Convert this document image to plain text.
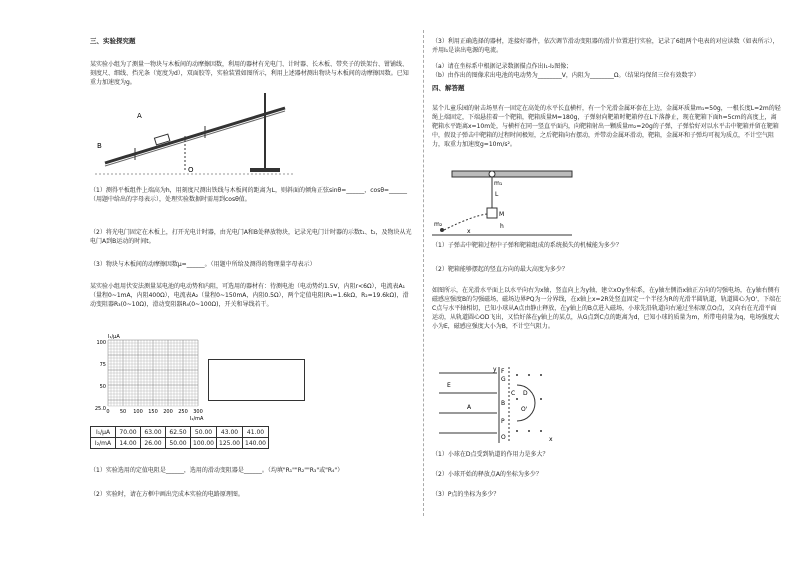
三、实验探究题
某实验小组为了测量一物块与木板间的动摩擦因数，利用的器材有光电门、计时器、长木板、带夹子的铁架台、钳铺线、刻度尺、细线、挡光条（宽度为d），双面胶等，实验装置如图所示，利用上述器材测出物块与木板间的动摩擦因数。已知重力加速度为g。
A
B
O
（1）测得平板组件上端高为h，用刻度尺测出铁线与木板间的距离为L，则斜面的倾角正弦sinθ=______，cosθ=______（用题中给出的字母表示），处理实验数据时需用到cosθ值。
（2）将光电门固定在木板上，打开光电计时器，由光电门A和B处释放物块，记录光电门计时器的示数t₁、t₂，及物块从光电门A到B运动的时间t。
（3）物块与木板间的动摩擦因数μ=______。（用题中所给及测得的物理量字母表示）
某实验小组用伏安法测量某电池的电动势和内阻，可选用的器材有：待测电池（电动势约1.5V，内阻r<6Ω），电流表A₁（量程0~1mA，内阻400Ω），电流表A₂（量程0~150mA，内阻0.5Ω），两个定值电阻(R₁=1.6kΩ，R₂=19.6kΩ)，滑动变阻器R₃(0~10Ω)，滑动变阻器R₄(0~100Ω)，开关和导线若干。
I₁/μA
I₂/mA
100
75
50
25.0 0 50 100 150 200 250 300
I₁/μA	70.00	63.00	62.50	50.00	43.00	41.00
I₂/mA	14.00	26.00	50.00	100.00	125.00	140.00
（1）实验选用的定值电阻是______，选用的滑动变阻器是______。（均填"R₁""R₂""R₃"或"R₄"）
（2）实验时，请在方框中画出完成本实验的电路原理图。
（3）利用正确选择的器材，连接好器件，依次调节滑动变阻器的滑片位置进行实验，记录了6组两个电表的对应读数（如表所示），并用I₁是读出电源的电流。
（a）请在坐标系中根据记录数据描点作出I₁-I₂图像；
（b）由作出的图像求出电池的电动势为________V，内阻为________Ω。（结果均保留三位有效数字）
四、解答题
某个儿童乐园的射击场里有一固定在高处的水平长直横杆，有一个光滑金属环套在上边，金属环质量m₁=50g，一根长度L=2m的轻绳上端固定，下端悬挂着一个靶箱，靶箱质量M=180g，子弹射向靶箱时靶箱停在L下落静止，现在靶箱下面h=5cm的高度上，离靶箱水平距离x=10m处，与横杆在同一竖直平面内，向靶箱射出一颗质量m₂=20g的子弹，子弹恰好对以水平击中靶箱并留在靶箱中，假设子弹击中靶箱的过程时间极短，之后靶箱向右摆动，并带动金属环滑动，靶箱，金属环和子弹均可视为质点，不计空气阻力，取重力加速度g=10m/s²。
m₁
m₂
L
M
x
h
（1）子弹击中靶箱过程中子弹和靶箱组成的系统损失的机械能为多少？
（2）靶箱能够摆起的竖直方向的最大高度为多少？
如图所示，在光滑水平面上以水平向右为x轴，竖直向上为y轴，建立xOy坐标系，在y轴左侧沿x轴正方向的匀强电场，在y轴右侧有磁感应强度B的匀强磁场，磁场边界PQ为一分界线，在x轴上x=2R处竖直固定一个半径为R的光滑半圆轨道，轨道圆心为O'，下端在C点与水平轴相切，已知小球从A点由静止释放，在y轴上的B点进入磁场，小球先沿轨道向右通过坐标原点O点，又向右在光滑平面运动，从轨道圆心OD飞出，又恰好落在y轴上的某点，从G点到C点的距离为d，已知小球的质量为m，所带电荷量为q，电场强度大小为E，磁感应强度大小为B，不计空气阻力。
E
F
G
C D
B
A
P
O
O'
y
x
（1）小球在D点受到轨道的作用力是多大？
（2）小球开始的释放点A的坐标为多少？
（3）P点的坐标为多少？
